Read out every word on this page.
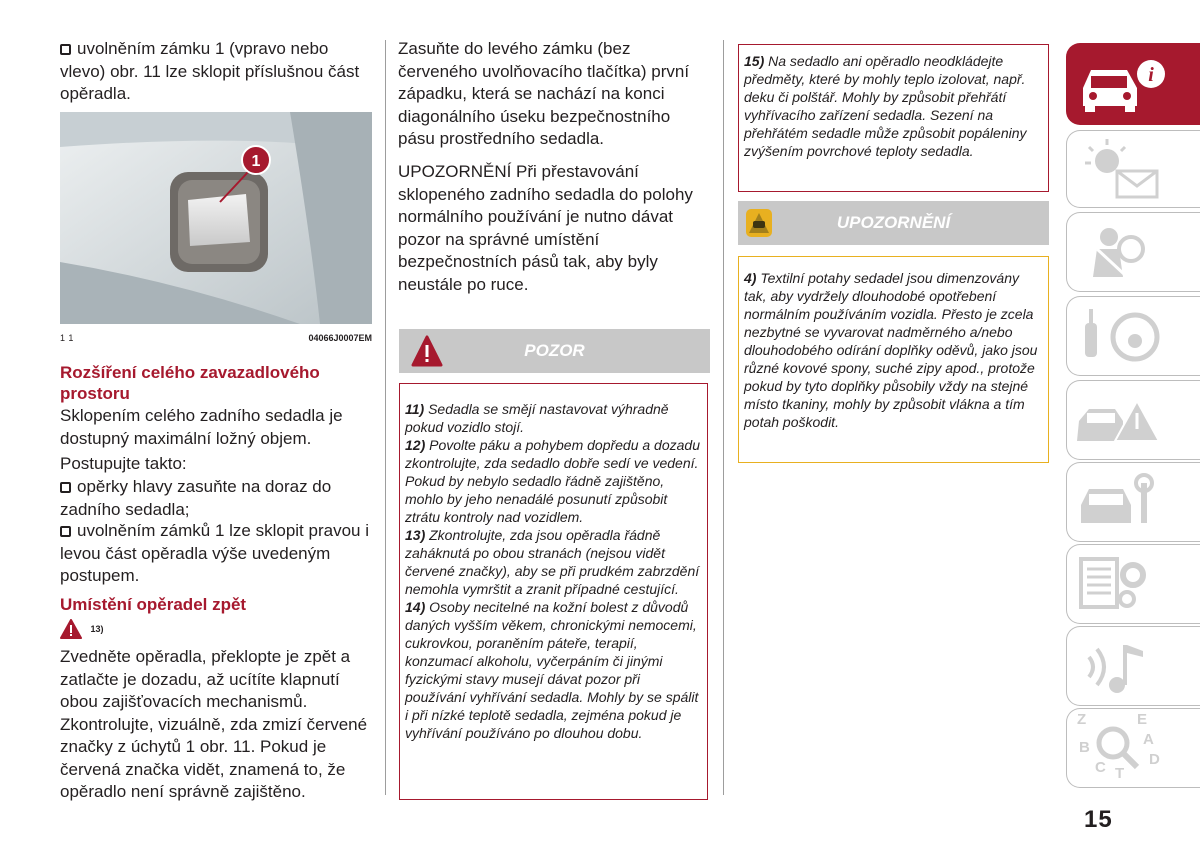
uvolněním zámku 1 (vpravo nebo vlevo) obr. 11 lze sklopit příslušnou část opěradla.

1
11	04066J0007EM

Rozšíření celého zavazadlového prostoru

Sklopením celého zadního sedadla je dostupný maximální ložný objem.

Postupujte takto:

opěrky hlavy zasuňte na doraz do zadního sedadla;

uvolněním zámků 1 lze sklopit pravou i levou část opěradla výše uvedeným postupem.

Umístění opěradel zpět

13)

Zvedněte opěradla, překlopte je zpět a zatlačte je dozadu, až ucítíte klapnutí obou zajišťovacích mechanismů. Zkontrolujte, vizuálně, zda zmizí červené značky z úchytů 1 obr. 11. Pokud je červená značka vidět, znamená to, že opěradlo není správně zajištěno.

Zasuňte do levého zámku (bez červeného uvolňovacího tlačítka) první západku, která se nachází na konci diagonálního úseku bezpečnostního pásu prostředního sedadla.

UPOZORNĚNÍ Při přestavování sklopeného zadního sedadla do polohy normálního používání je nutno dávat pozor na správné umístění bezpečnostních pásů tak, aby byly neustále po ruce.

POZOR
11) Sedadla se smějí nastavovat výhradně pokud vozidlo stojí.
12) Povolte páku a pohybem dopředu a dozadu zkontrolujte, zda sedadlo dobře sedí ve vedení. Pokud by nebylo sedadlo řádně zajištěno, mohlo by jeho nenadálé posunutí způsobit ztrátu kontroly nad vozidlem.
13) Zkontrolujte, zda jsou opěradla řádně zaháknutá po obou stranách (nejsou vidět červené značky), aby se při prudkém zabrzdění nemohla vymrštit a zranit případné cestující.
14) Osoby necitelné na kožní bolest z důvodů daných vyšším věkem, chronickými nemocemi, cukrovkou, poraněním páteře, terapií, konzumací alkoholu, vyčerpáním či jinými fyzickými stavy musejí dávat pozor při používání vyhřívání sedadla. Mohly by se spálit i při nízké teplotě sedadla, zejména pokud je vyhřívání používáno po dlouhou dobu.
15) Na sedadlo ani opěradlo neodkládejte předměty, které by mohly teplo izolovat, např. deku či polštář. Mohly by způsobit přehřátí vyhřívacího zařízení sedadla. Sezení na přehřátém sedadle může způsobit popáleniny zvýšením povrchové teploty sedadla.
UPOZORNĚNÍ
4) Textilní potahy sedadel jsou dimenzovány tak, aby vydržely dlouhodobé opotřebení normálním používáním vozidla. Přesto je zcela nezbytné se vyvarovat nadměrného a/nebo dlouhodobého odírání doplňky oděvů, jako jsou různé kovové spony, suché zipy apod., protože pokud by tyto doplňky působily vždy na stejné místo tkaniny, mohly by způsobit vlákna a tím potah poškodit.
i
Z	E
B	A
C T
D
15
